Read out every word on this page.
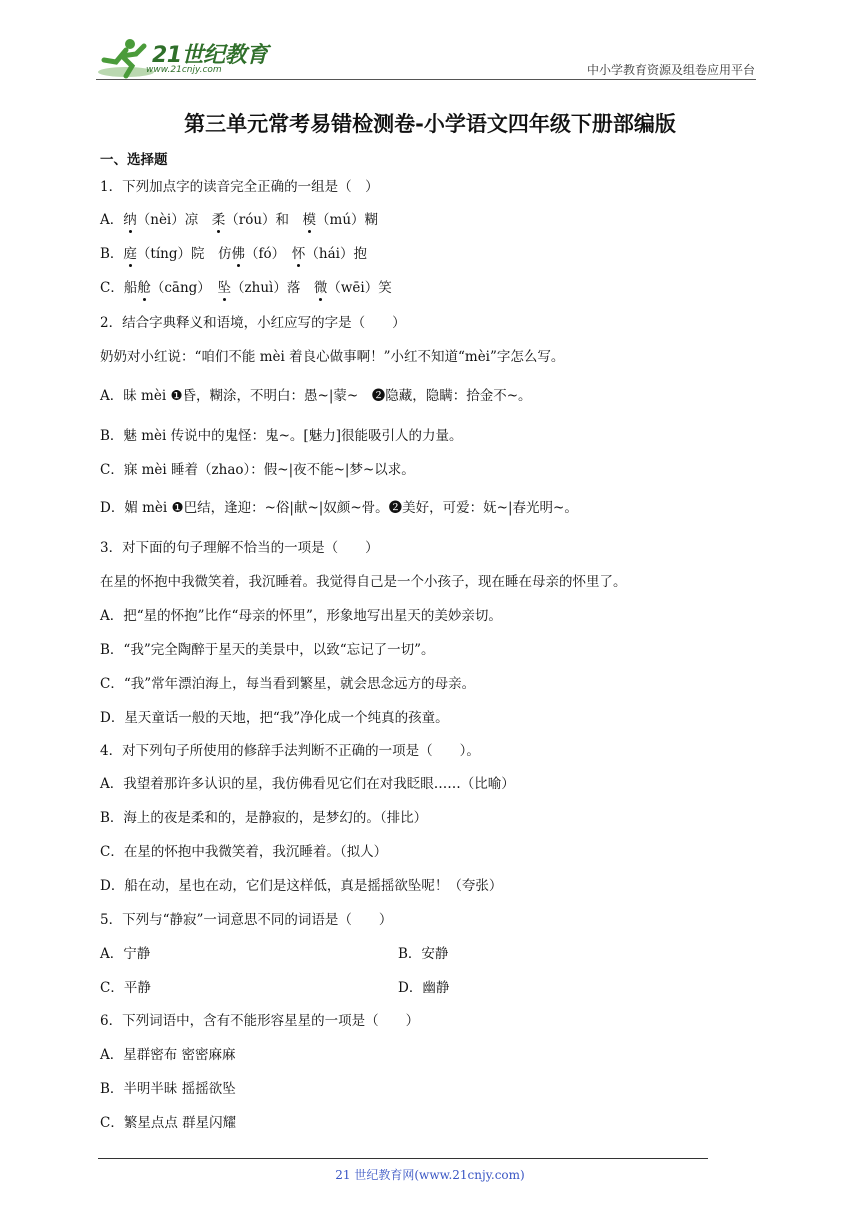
21世纪教育
www.21cnjy.com	中小学教育资源及组卷应用平台
第三单元常考易错检测卷-小学语文四年级下册部编版
一、选择题
1．下列加点字的读音完全正确的一组是（　）
A．纳（nèi）凉　柔（róu）和　模（mú）糊
B．庭（tíng）院　仿佛（fó）　怀（hái）抱
C．船舱（cāng）　坠（zhuì）落　微（wēi）笑
2．结合字典释义和语境，小红应写的字是（　　）
奶奶对小红说：“咱们不能 mèi 着良心做事啊！”小红不知道“mèi”字怎么写。
A．昧 mèi ❶昏，糊涂，不明白：愚~|蒙~　❷隐藏，隐瞒：拾金不~。
B．魅 mèi 传说中的鬼怪：鬼~。[魅力]很能吸引人的力量。
C．寐 mèi 睡着（zhao）：假~|夜不能~|梦~以求。
D．媚 mèi ❶巴结，逢迎：~俗|献~|奴颜~骨。❷美好，可爱：妩~|春光明~。
3．对下面的句子理解不恰当的一项是（　　）
在星的怀抱中我微笑着，我沉睡着。我觉得自己是一个小孩子，现在睡在母亲的怀里了。
A．把“星的怀抱”比作“母亲的怀里”，形象地写出星天的美妙亲切。
B．“我”完全陶醉于星天的美景中，以致“忘记了一切”。
C．“我”常年漂泊海上，每当看到繁星，就会思念远方的母亲。
D．星天童话一般的天地，把“我”净化成一个纯真的孩童。
4．对下列句子所使用的修辞手法判断不正确的一项是（　　）。
A．我望着那许多认识的星，我仿佛看见它们在对我眨眼……（比喻）
B．海上的夜是柔和的，是静寂的，是梦幻的。（排比）
C．在星的怀抱中我微笑着，我沉睡着。（拟人）
D．船在动，星也在动，它们是这样低，真是摇摇欲坠呢！（夸张）
5．下列与“静寂”一词意思不同的词语是（　　）
A．宁静	B．安静
C．平静	D．幽静
6．下列词语中，含有不能形容星星的一项是（　　）
A．星群密布 密密麻麻
B．半明半昧 摇摇欲坠
C．繁星点点 群星闪耀
21 世纪教育网(www.21cnjy.com)
